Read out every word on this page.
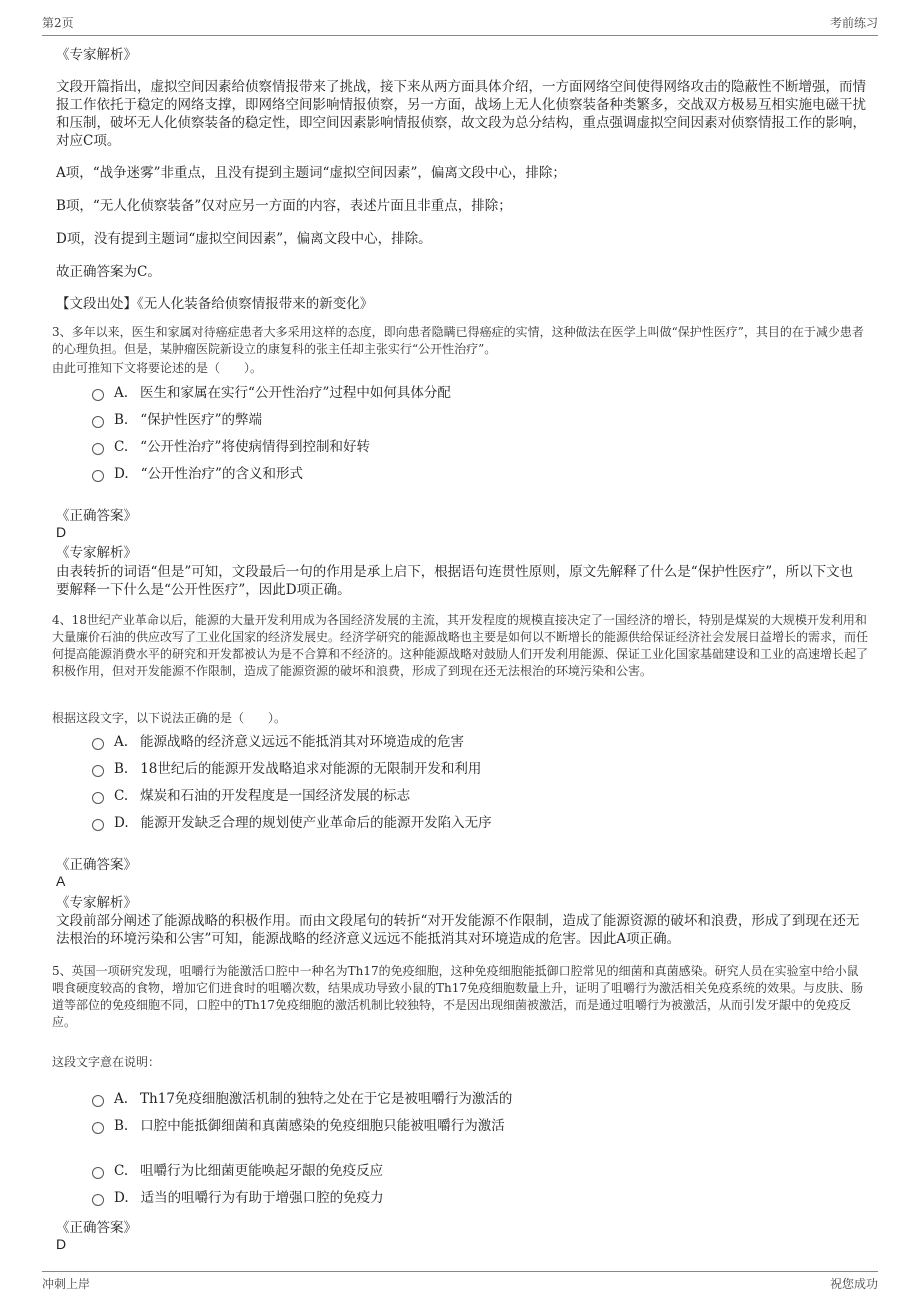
第2页	考前练习
《专家解析》

文段开篇指出，虚拟空间因素给侦察情报带来了挑战，接下来从两方面具体介绍，一方面网络空间使得网络攻击的隐蔽性不断增强，而情报工作依托于稳定的网络支撑，即网络空间影响情报侦察，另一方面，战场上无人化侦察装备种类繁多，交战双方极易互相实施电磁干扰和压制，破坏无人化侦察装备的稳定性，即空间因素影响情报侦察，故文段为总分结构，重点强调虚拟空间因素对侦察情报工作的影响，对应C项。

A项，“战争迷雾”非重点，且没有提到主题词“虚拟空间因素”，偏离文段中心，排除；

B项，“无人化侦察装备”仅对应另一方面的内容，表述片面且非重点，排除；

D项，没有提到主题词“虚拟空间因素”，偏离文段中心，排除。

故正确答案为C。

【文段出处】《无人化装备给侦察情报带来的新变化》

3、多年以来，医生和家属对待癌症患者大多采用这样的态度，即向患者隐瞒已得癌症的实情，这种做法在医学上叫做“保护性医疗”，其目的在于减少患者的心理负担。但是，某肿瘤医院新设立的康复科的张主任却主张实行“公开性治疗”。

由此可推知下文将要论述的是（　　）。

A. 医生和家属在实行“公开性治疗”过程中如何具体分配
B. “保护性医疗”的弊端
C. “公开性治疗”将使病情得到控制和好转
D. “公开性治疗”的含义和形式
《正确答案》
D
《专家解析》

由表转折的词语“但是”可知，文段最后一句的作用是承上启下，根据语句连贯性原则，原文先解释了什么是“保护性医疗”，所以下文也要解释一下什么是“公开性医疗”，因此D项正确。

4、18世纪产业革命以后，能源的大量开发利用成为各国经济发展的主流，其开发程度的规模直接决定了一国经济的增长，特别是煤炭的大规模开发利用和大量廉价石油的供应改写了工业化国家的经济发展史。经济学研究的能源战略也主要是如何以不断增长的能源供给保证经济社会发展日益增长的需求，而任何提高能源消费水平的研究和开发都被认为是不合算和不经济的。这种能源战略对鼓励人们开发利用能源、保证工业化国家基础建设和工业的高速增长起了积极作用，但对开发能源不作限制，造成了能源资源的破坏和浪费，形成了到现在还无法根治的环境污染和公害。

根据这段文字，以下说法正确的是（　　）。

A. 能源战略的经济意义远远不能抵消其对环境造成的危害
B. 18世纪后的能源开发战略追求对能源的无限制开发和利用
C. 煤炭和石油的开发程度是一国经济发展的标志
D. 能源开发缺乏合理的规划使产业革命后的能源开发陷入无序
《正确答案》
A
《专家解析》

文段前部分阐述了能源战略的积极作用。而由文段尾句的转折“对开发能源不作限制，造成了能源资源的破坏和浪费，形成了到现在还无法根治的环境污染和公害”可知，能源战略的经济意义远远不能抵消其对环境造成的危害。因此A项正确。

5、英国一项研究发现，咀嚼行为能激活口腔中一种名为Th17的免疫细胞，这种免疫细胞能抵御口腔常见的细菌和真菌感染。研究人员在实验室中给小鼠喂食硬度较高的食物，增加它们进食时的咀嚼次数，结果成功导致小鼠的Th17免疫细胞数量上升，证明了咀嚼行为激活相关免疫系统的效果。与皮肤、肠道等部位的免疫细胞不同，口腔中的Th17免疫细胞的激活机制比较独特，不是因出现细菌被激活，而是通过咀嚼行为被激活，从而引发牙龈中的免疫反应。

这段文字意在说明：

A. Th17免疫细胞激活机制的独特之处在于它是被咀嚼行为激活的
B. 口腔中能抵御细菌和真菌感染的免疫细胞只能被咀嚼行为激活
C. 咀嚼行为比细菌更能唤起牙龈的免疫反应
D. 适当的咀嚼行为有助于增强口腔的免疫力
《正确答案》
D
冲刺上岸	祝您成功
